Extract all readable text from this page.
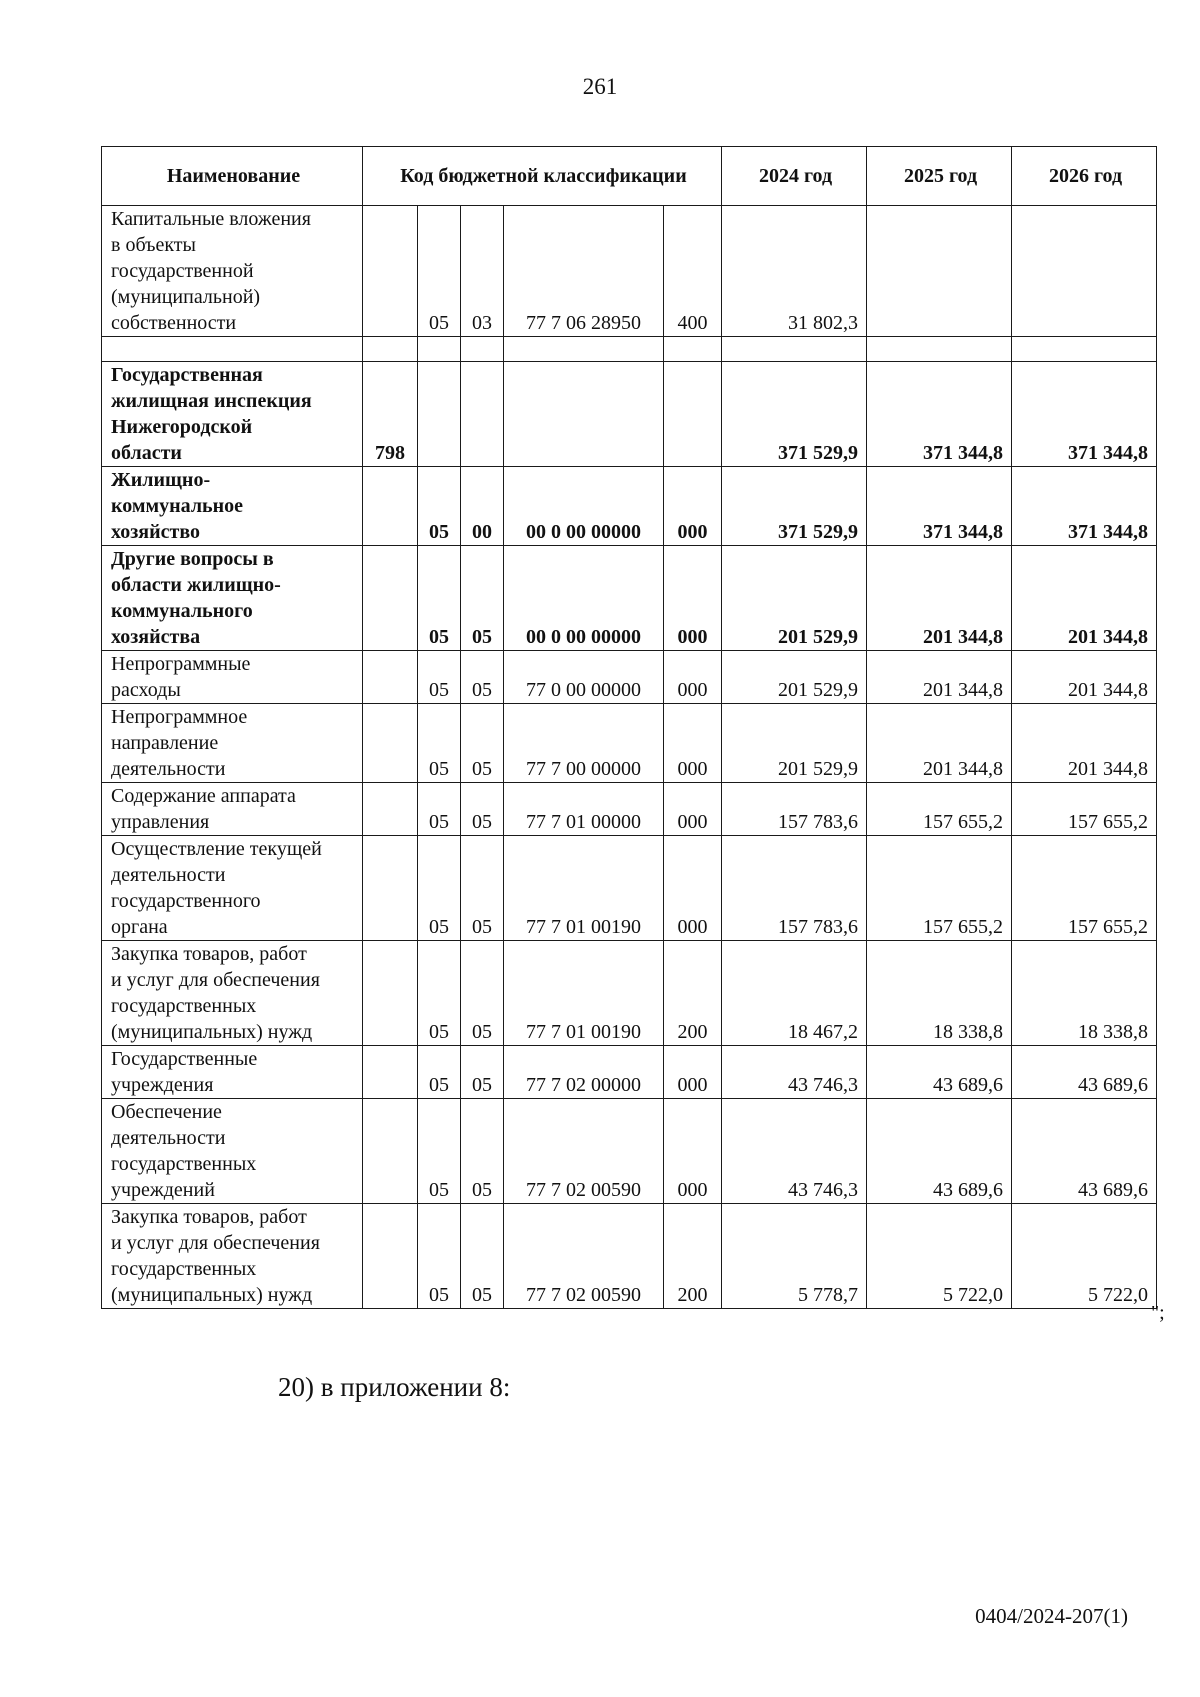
261
Наименование	Код бюджетной классификации					2024 год	2025 год	2026 год

Капитальные вложения
в объекты
государственной
(муниципальной)
собственности		05	03	77 7 06 28950	400	31 802,3		

Государственная
жилищная инспекция
Нижегородской
области	798					371 529,9	371 344,8	371 344,8

Жилищно-
коммунальное
хозяйство		05	00	00 0 00 00000	000	371 529,9	371 344,8	371 344,8

Другие вопросы в
области жилищно-
коммунального
хозяйства		05	05	00 0 00 00000	000	201 529,9	201 344,8	201 344,8

Непрограммные
расходы		05	05	77 0 00 00000	000	201 529,9	201 344,8	201 344,8

Непрограммное
направление
деятельности		05	05	77 7 00 00000	000	201 529,9	201 344,8	201 344,8

Содержание аппарата
управления		05	05	77 7 01 00000	000	157 783,6	157 655,2	157 655,2

Осуществление текущей
деятельности
государственного
органа		05	05	77 7 01 00190	000	157 783,6	157 655,2	157 655,2

Закупка товаров, работ
и услуг для обеспечения
государственных
(муниципальных) нужд		05	05	77 7 01 00190	200	18 467,2	18 338,8	18 338,8

Государственные
учреждения		05	05	77 7 02 00000	000	43 746,3	43 689,6	43 689,6

Обеспечение
деятельности
государственных
учреждений		05	05	77 7 02 00590	000	43 746,3	43 689,6	43 689,6

Закупка товаров, работ
и услуг для обеспечения
государственных
(муниципальных) нужд		05	05	77 7 02 00590	200	5 778,7	5 722,0	5 722,0
";
20) в приложении 8:
0404/2024-207(1)
